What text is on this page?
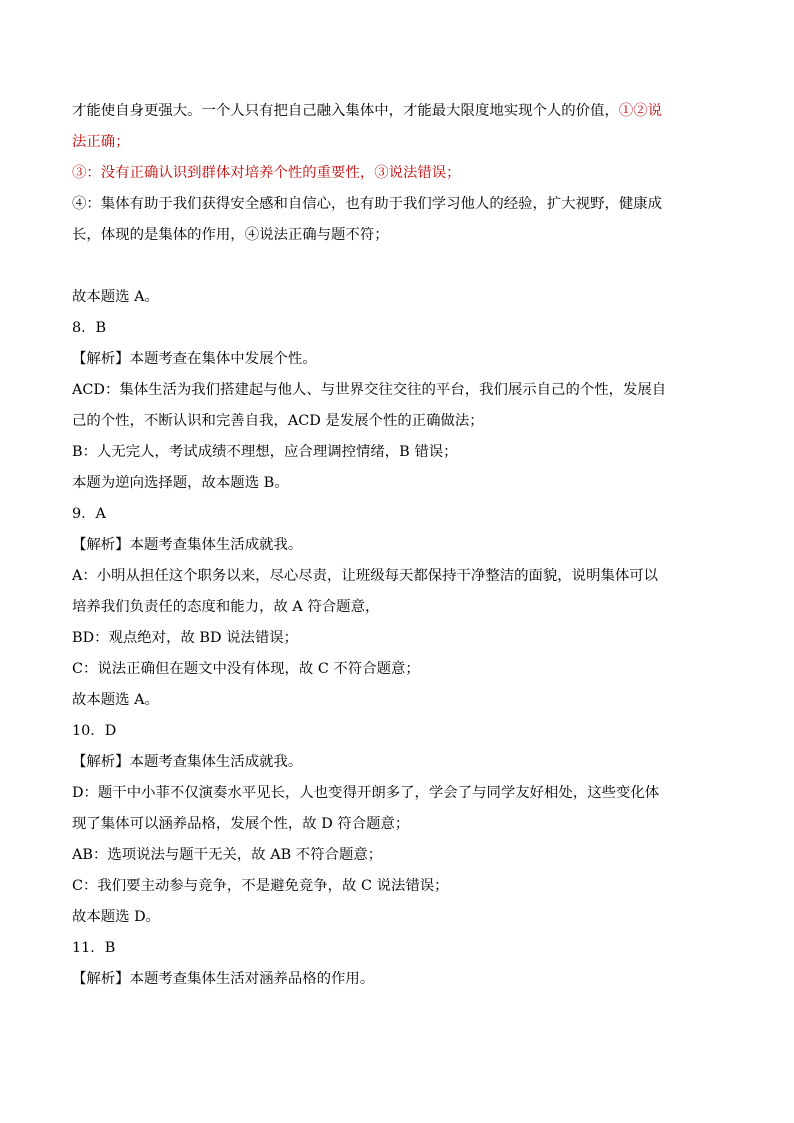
才能使自身更强大。一个人只有把自己融入集体中，才能最大限度地实现个人的价值，①②说
法正确；
③：没有正确认识到群体对培养个性的重要性，③说法错误；
④：集体有助于我们获得安全感和自信心，也有助于我们学习他人的经验，扩大视野，健康成
长，体现的是集体的作用，④说法正确与题不符；
故本题选 A。
8．B
【解析】本题考查在集体中发展个性。
ACD：集体生活为我们搭建起与他人、与世界交往交往的平台，我们展示自己的个性，发展自
己的个性，不断认识和完善自我，ACD 是发展个性的正确做法；
B：人无完人，考试成绩不理想，应合理调控情绪，B 错误；
本题为逆向选择题，故本题选 B。
9．A
【解析】本题考查集体生活成就我。
A：小明从担任这个职务以来，尽心尽责，让班级每天都保持干净整洁的面貌，说明集体可以
培养我们负责任的态度和能力，故 A 符合题意，
BD：观点绝对，故 BD 说法错误；
C：说法正确但在题文中没有体现，故 C 不符合题意；
故本题选 A。
10．D
【解析】本题考查集体生活成就我。
D：题干中小菲不仅演奏水平见长，人也变得开朗多了，学会了与同学友好相处，这些变化体
现了集体可以涵养品格，发展个性，故 D 符合题意；
AB：选项说法与题干无关，故 AB 不符合题意；
C：我们要主动参与竞争，不是避免竞争，故 C 说法错误；
故本题选 D。
11．B
【解析】本题考查集体生活对涵养品格的作用。
